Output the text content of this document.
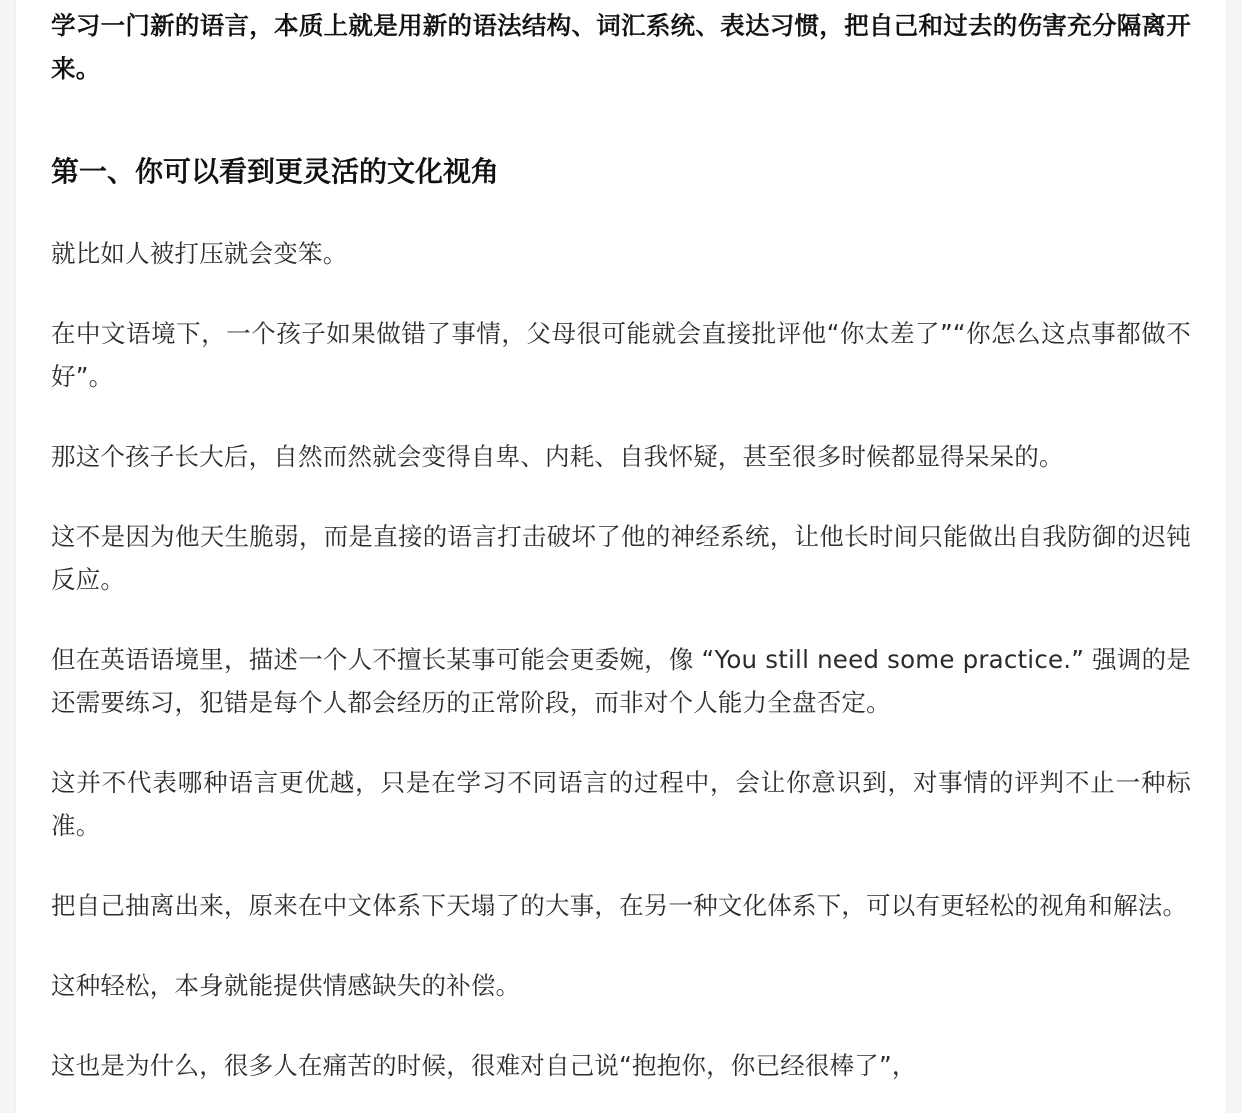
学习一门新的语言，本质上就是用新的语法结构、词汇系统、表达习惯，把自己和过去的伤害充分隔离开来。

第一、你可以看到更灵活的文化视角

就比如人被打压就会变笨。

在中文语境下，一个孩子如果做错了事情，父母很可能就会直接批评他“你太差了”“你怎么这点事都做不好”。

那这个孩子长大后，自然而然就会变得自卑、内耗、自我怀疑，甚至很多时候都显得呆呆的。

这不是因为他天生脆弱，而是直接的语言打击破坏了他的神经系统，让他长时间只能做出自我防御的迟钝反应。

但在英语语境里，描述一个人不擅长某事可能会更委婉，像 “You still need some practice.” 强调的是还需要练习，犯错是每个人都会经历的正常阶段，而非对个人能力全盘否定。

这并不代表哪种语言更优越，只是在学习不同语言的过程中，会让你意识到，对事情的评判不止一种标准。

把自己抽离出来，原来在中文体系下天塌了的大事，在另一种文化体系下，可以有更轻松的视角和解法。

这种轻松，本身就能提供情感缺失的补偿。

这也是为什么，很多人在痛苦的时候，很难对自己说“抱抱你，你已经很棒了”，
